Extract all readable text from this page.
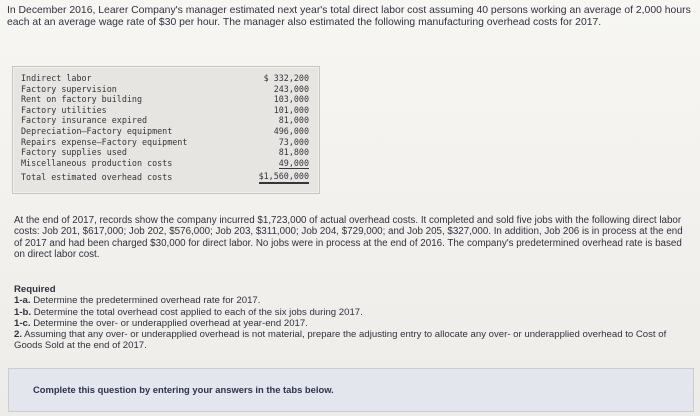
In December 2016, Learer Company's manager estimated next year's total direct labor cost assuming 40 persons working an average of 2,000 hours each at an average wage rate of $30 per hour. The manager also estimated the following manufacturing overhead costs for 2017.
Indirect labor	$ 332,200
Factory supervision	243,000
Rent on factory building	103,000
Factory utilities	101,000
Factory insurance expired	81,000
Depreciation—Factory equipment	496,000
Repairs expense—Factory equipment	73,000
Factory supplies used	81,800
Miscellaneous production costs	49,000
Total estimated overhead costs	$1,560,000
At the end of 2017, records show the company incurred $1,723,000 of actual overhead costs. It completed and sold five jobs with the following direct labor costs: Job 201, $617,000; Job 202, $576,000; Job 203, $311,000; Job 204, $729,000; and Job 205, $327,000. In addition, Job 206 is in process at the end of 2017 and had been charged $30,000 for direct labor. No jobs were in process at the end of 2016. The company's predetermined overhead rate is based on direct labor cost.
Required
1-a. Determine the predetermined overhead rate for 2017.
1-b. Determine the total overhead cost applied to each of the six jobs during 2017.
1-c. Determine the over- or underapplied overhead at year-end 2017.
2. Assuming that any over- or underapplied overhead is not material, prepare the adjusting entry to allocate any over- or underapplied overhead to Cost of Goods Sold at the end of 2017.
Complete this question by entering your answers in the tabs below.
